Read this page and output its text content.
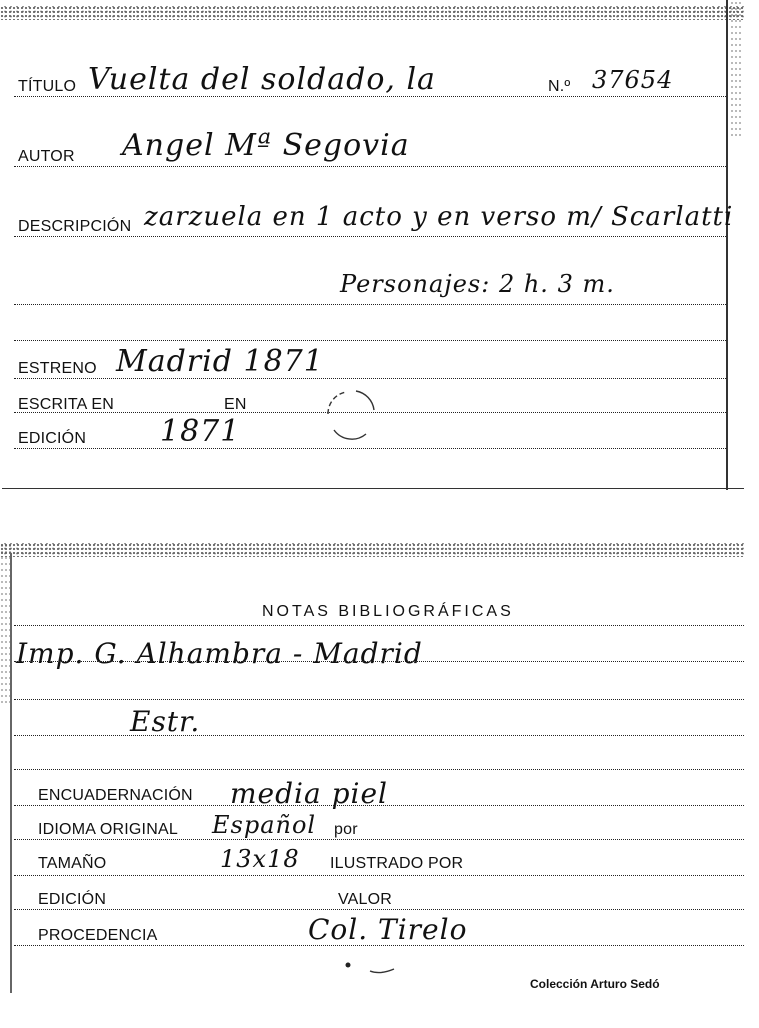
TÍTULO Vuelta del soldado, la	N.º 37654
AUTOR Angel Mª Segovia
DESCRIPCIÓN zarzuela en 1 acto y en verso m/ Scarlatti
Personajes: 2 h. 3 m.
ESTRENO Madrid 1871
ESCRITA EN	EN
EDICIÓN 1871
NOTAS BIBLIOGRÁFICAS
Imp. G. Alhambra - Madrid
Estr.
ENCUADERNACIÓN media piel
IDIOMA ORIGINAL Español por
TAMAÑO	13x18 ILUSTRADO POR
EDICIÓN	VALOR
PROCEDENCIA	Col. Tirelo
Colección Arturo Sedó
